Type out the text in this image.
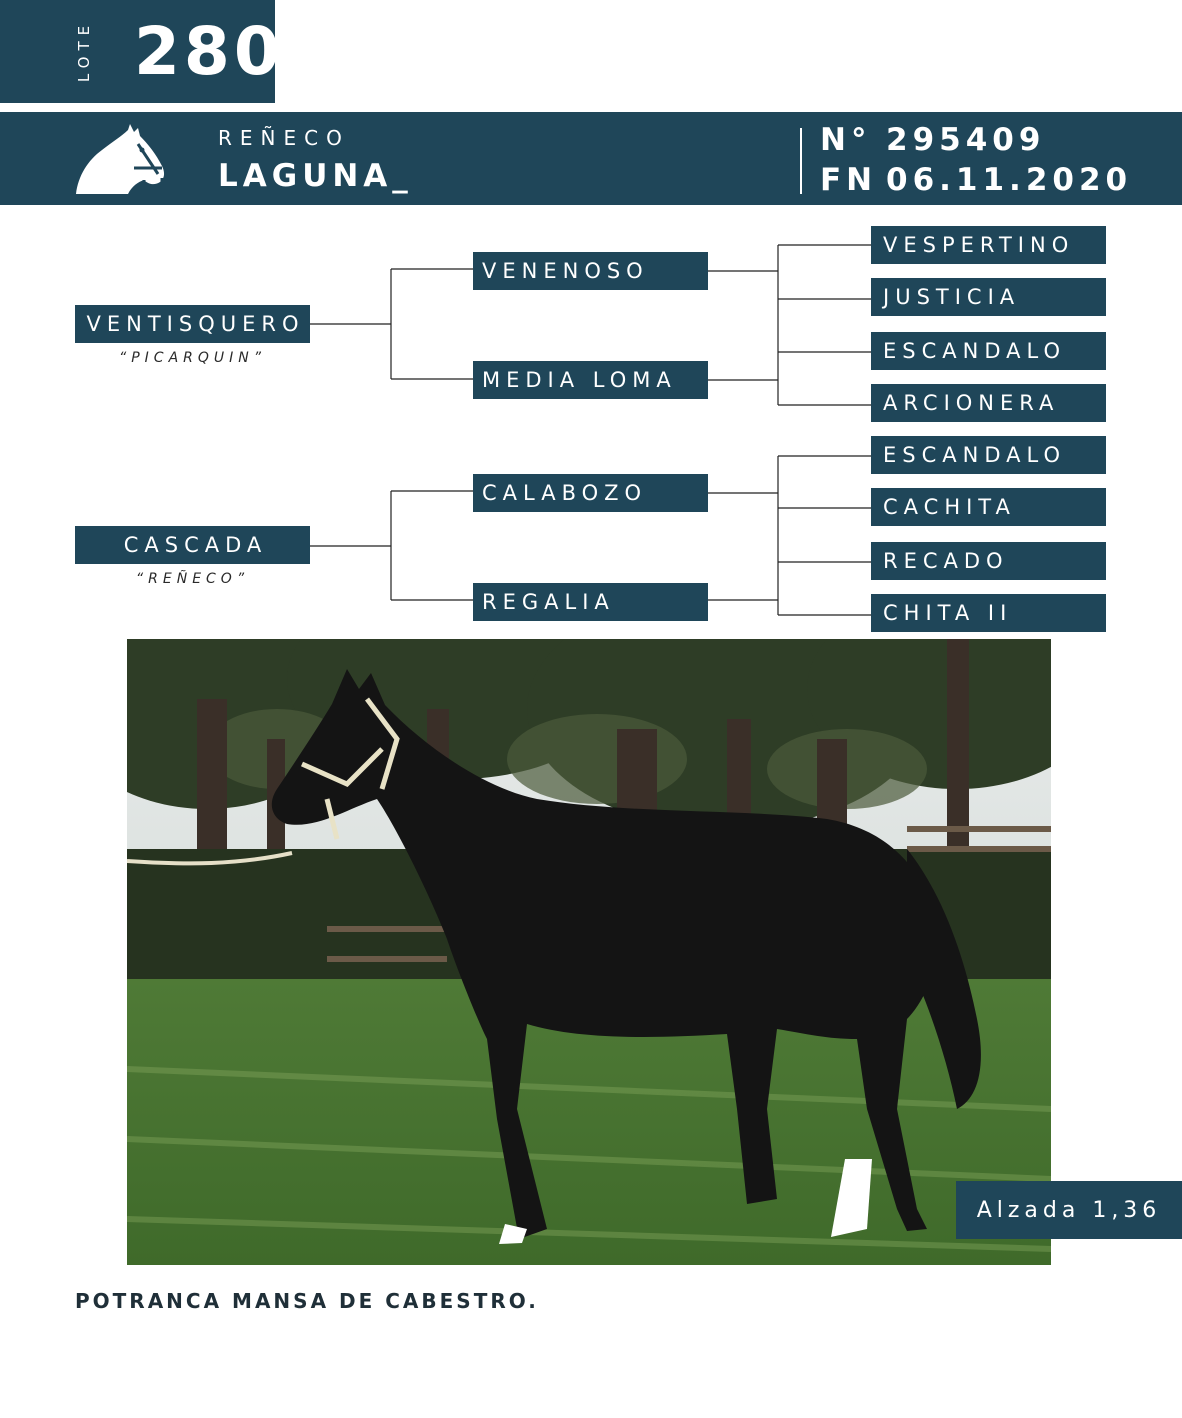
LOTE 280
REÑECO
LAGUNA_
N° 295409
FN 06.11.2020
VENTISQUERO
“PICARQUIN”
CASCADA
“REÑECO”
VENENOSO
MEDIA LOMA
CALABOZO
REGALIA
VESPERTINO
JUSTICIA
ESCANDALO
ARCIONERA
ESCANDALO
CACHITA
RECADO
CHITA II
Alzada 1,36
POTRANCA MANSA DE CABESTRO.
